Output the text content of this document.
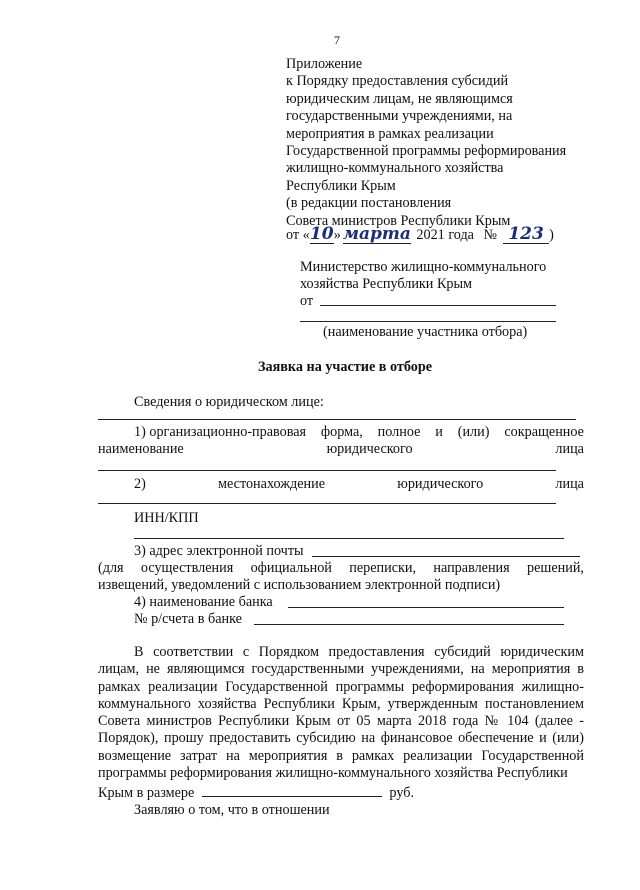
7
Приложение
к Порядку предоставления субсидий
юридическим лицам, не являющимся
государственными учреждениями, на
мероприятия в рамках реализации
Государственной программы реформирования
жилищно-коммунального хозяйства
Республики Крым
(в редакции постановления
Совета министров Республики Крым
от «10» марта 2021 года № 123 )
Министерство жилищно-коммунального
хозяйства Республики Крым
от
(наименование участника отбора)
Заявка на участие в отборе
Сведения о юридическом лице:
1) организационно-правовая форма, полное и (или) сокращенное
наименование	юридического	лица
2)	местонахождение	юридического	лица
ИНН/КПП
3) адрес электронной почты
(для осуществления официальной переписки, направления решений,
извещений, уведомлений с использованием электронной подписи)
4) наименование банка
№ р/счета в банке
В соответствии с Порядком предоставления субсидий юридическим лицам, не являющимся государственными учреждениями, на мероприятия в рамках реализации Государственной программы реформирования жилищно-коммунального хозяйства Республики Крым, утвержденным постановлением Совета министров Республики Крым от 05 марта 2018 года № 104 (далее - Порядок), прошу предоставить субсидию на финансовое обеспечение и (или) возмещение затрат на мероприятия в рамках реализации Государственной программы реформирования жилищно-коммунального хозяйства Республики
Крым в размере	руб.
Заявляю о том, что в отношении
